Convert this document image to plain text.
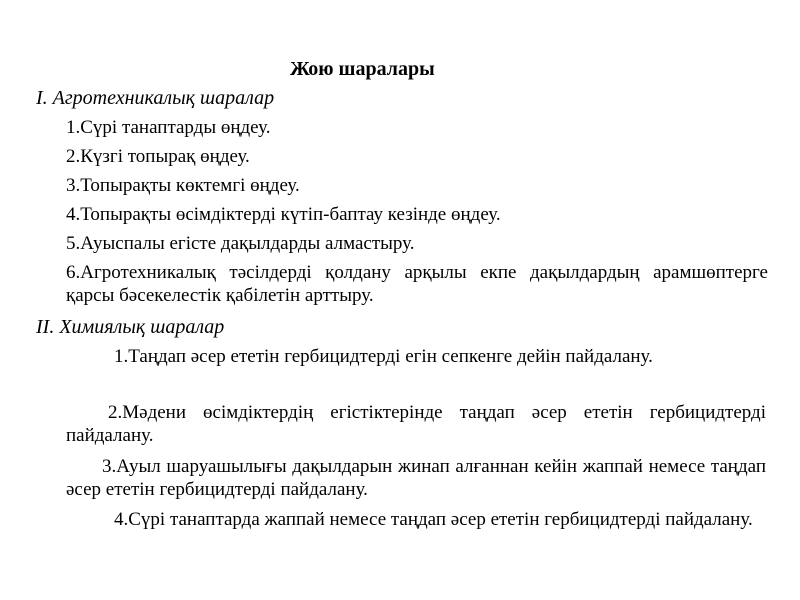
Жою шаралары
I. Агротехникалық шаралар
1.Сүрі танаптарды өңдеу.
2.Күзгі топырақ өңдеу.
3.Топырақты көктемгі өңдеу.
4.Топырақты өсімдіктерді күтіп-баптау кезінде өңдеу.
5.Ауыспалы егісте дақылдарды алмастыру.
6.Агротехникалық тәсілдерді қолдану арқылы екпе дақылдардың арамшөптерге қарсы бәсекелестік қабілетін арттыру.
II. Химиялық шаралар
1.Таңдап әсер ететін гербицидтерді егін сепкенге дейін пайдалану.
2.Мәдени өсімдіктердің егістіктерінде таңдап әсер ететін гербицидтерді пайдалану.
3.Ауыл шаруашылығы дақылдарын жинап алғаннан кейін жаппай немесе таңдап әсер ететін гербицидтерді пайдалану.
4.Сүрі танаптарда жаппай немесе таңдап әсер ететін гербицидтерді пайдалану.
